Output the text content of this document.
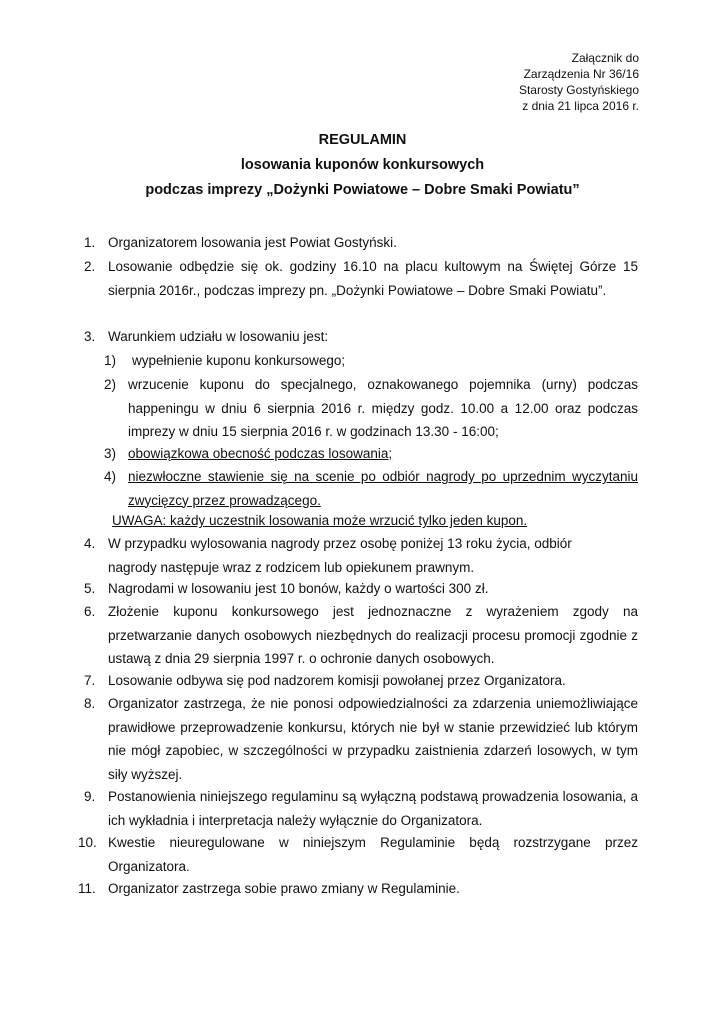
Załącznik do
Zarządzenia Nr 36/16
Starosty Gostyńskiego
z dnia 21 lipca 2016 r.
REGULAMIN
losowania kuponów konkursowych
podczas imprezy „Dożynki Powiatowe – Dobre Smaki Powiatu”
1. Organizatorem losowania jest Powiat Gostyński.
2. Losowanie odbędzie się ok. godziny 16.10 na placu kultowym na Świętej Górze 15 sierpnia 2016r., podczas imprezy pn. „Dożynki Powiatowe – Dobre Smaki Powiatu”.
3. Warunkiem udziału w losowaniu jest:
1) wypełnienie kuponu konkursowego;
2) wrzucenie kuponu do specjalnego, oznakowanego pojemnika (urny) podczas happeningu w dniu 6 sierpnia 2016 r. między godz. 10.00 a 12.00 oraz podczas imprezy w dniu 15 sierpnia 2016 r. w godzinach 13.30 - 16:00;
3) obowiązkowa obecność podczas losowania;
4) niezwłoczne stawienie się na scenie po odbiór nagrody po uprzednim wyczytaniu zwycięzcy przez prowadzącego.
UWAGA: każdy uczestnik losowania może wrzucić tylko jeden kupon.
4. W przypadku wylosowania nagrody przez osobę poniżej 13 roku życia, odbiór nagrody następuje wraz z rodzicem lub opiekunem prawnym.
5. Nagrodami w losowaniu jest 10 bonów, każdy o wartości 300 zł.
6. Złożenie kuponu konkursowego jest jednoznaczne z wyrażeniem zgody na przetwarzanie danych osobowych niezbędnych do realizacji procesu promocji zgodnie z ustawą z dnia 29 sierpnia 1997 r. o ochronie danych osobowych.
7. Losowanie odbywa się pod nadzorem komisji powołanej przez Organizatora.
8. Organizator zastrzega, że nie ponosi odpowiedzialności za zdarzenia uniemożliwiające prawidłowe przeprowadzenie konkursu, których nie był w stanie przewidzieć lub którym nie mógł zapobiec, w szczególności w przypadku zaistnienia zdarzeń losowych, w tym siły wyższej.
9. Postanowienia niniejszego regulaminu są wyłączną podstawą prowadzenia losowania, a ich wykładnia i interpretacja należy wyłącznie do Organizatora.
10. Kwestie nieuregulowane w niniejszym Regulaminie będą rozstrzygane przez Organizatora.
11. Organizator zastrzega sobie prawo zmiany w Regulaminie.
